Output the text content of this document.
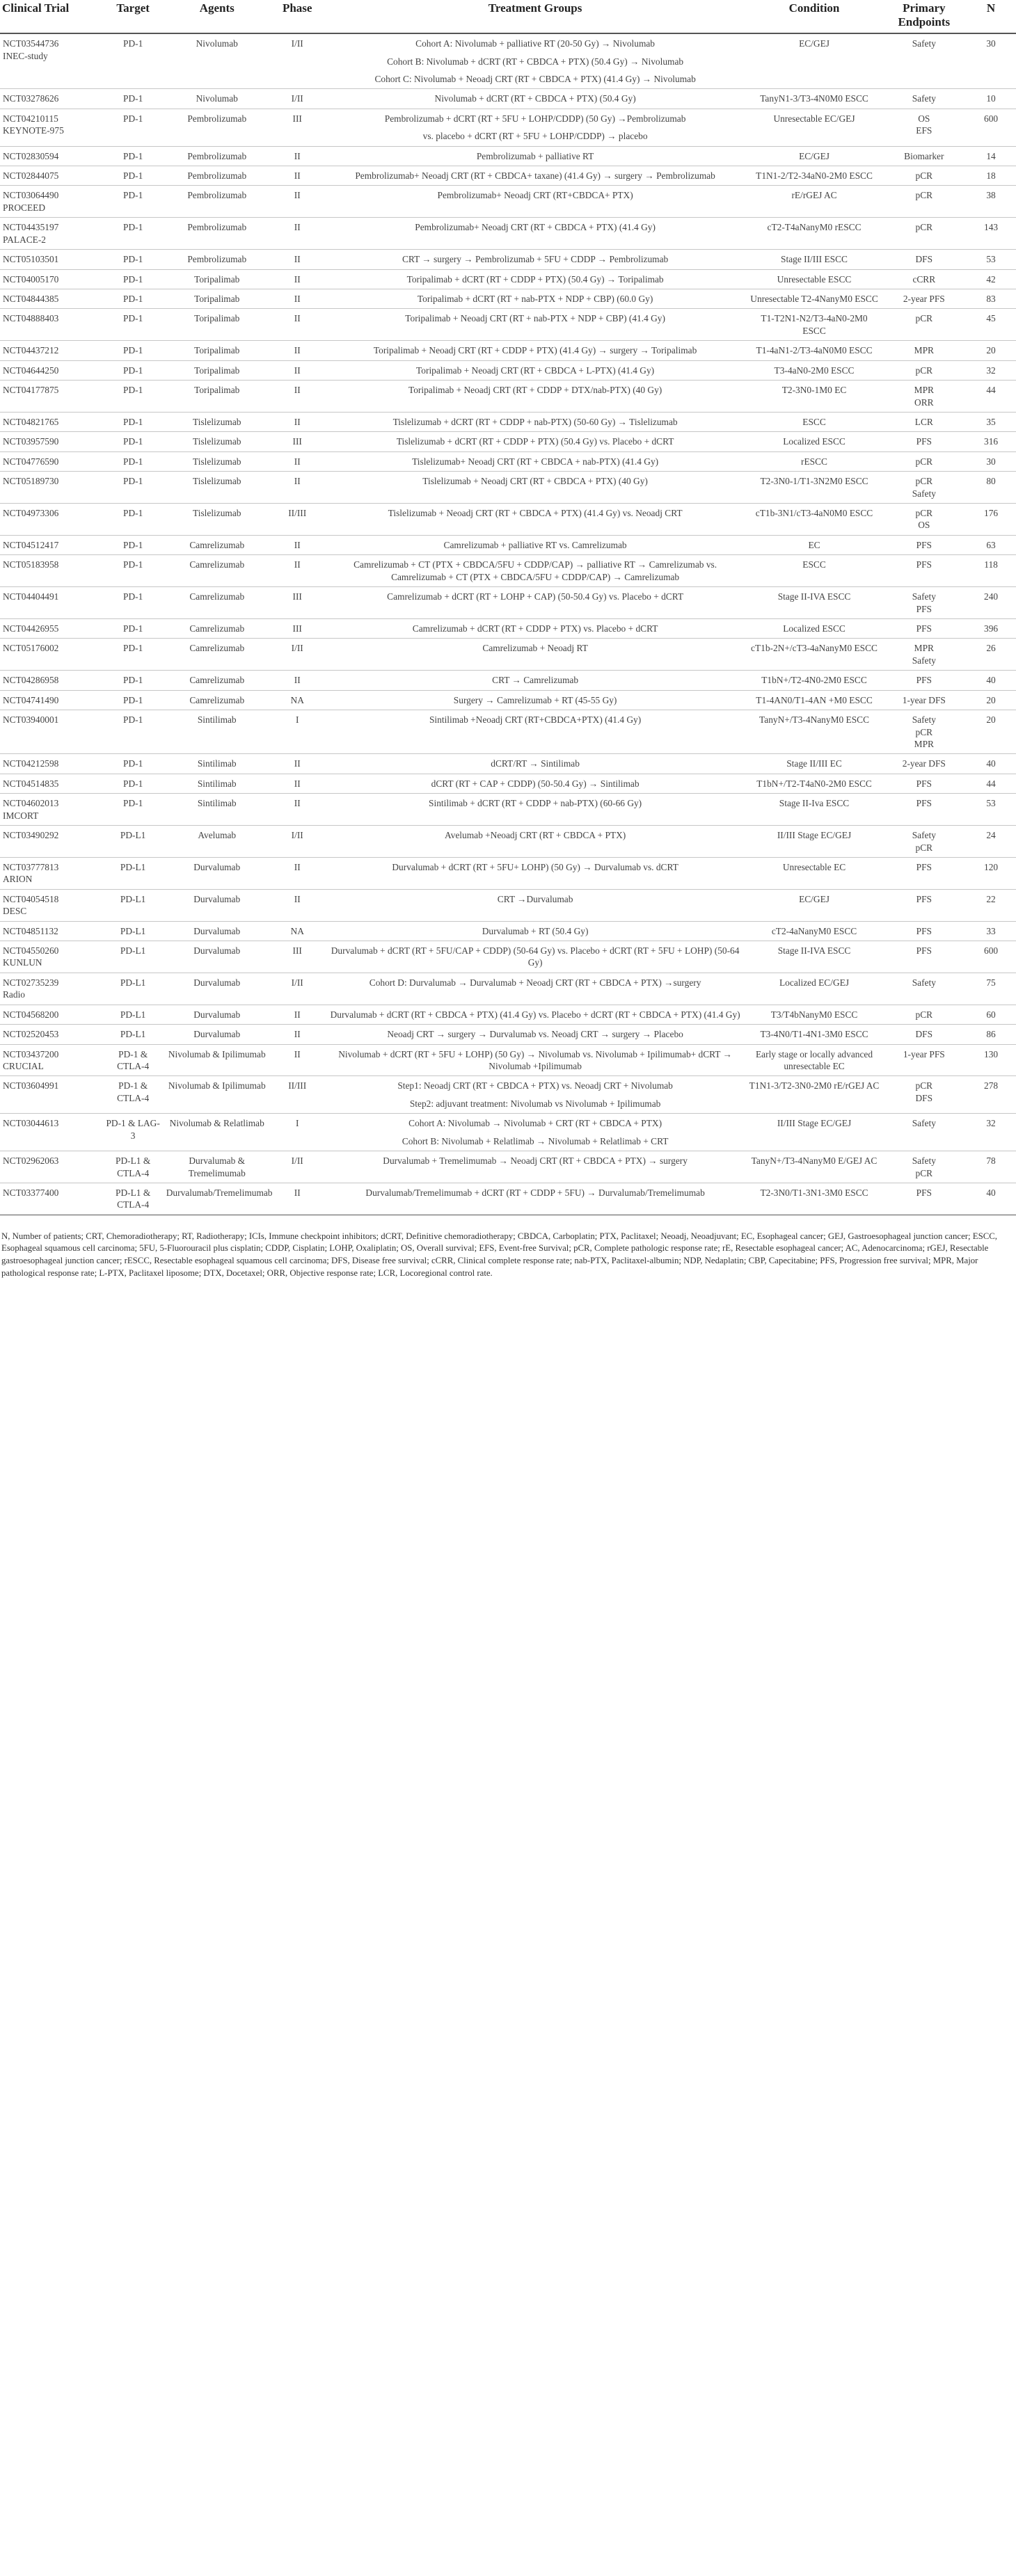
Clinical Trial	Target	Agents	Phase	Treatment Groups	Condition	Primary Endpoints	N

NCT03544736
INEC-study	PD-1	Nivolumab	I/II	Cohort A: Nivolumab + palliative RT (20-50 Gy) → Nivolumab
Cohort B: Nivolumab + dCRT (RT + CBDCA + PTX) (50.4 Gy) → Nivolumab
Cohort C: Nivolumab + Neoadj CRT (RT + CBDCA + PTX) (41.4 Gy) → Nivolumab	EC/GEJ	Safety	30

NCT03278626	PD-1	Nivolumab	I/II	Nivolumab + dCRT (RT + CBDCA + PTX) (50.4 Gy)	TanyN1-3/T3-4N0M0 ESCC	Safety	10

NCT04210115
KEYNOTE-975	PD-1	Pembrolizumab	III	Pembrolizumab + dCRT (RT + 5FU + LOHP/CDDP) (50 Gy) →Pembrolizumab
vs. placebo + dCRT (RT + 5FU + LOHP/CDDP) → placebo	Unresectable EC/GEJ	OS
EFS	600

NCT02830594	PD-1	Pembrolizumab	II	Pembrolizumab + palliative RT	EC/GEJ	Biomarker	14

NCT02844075	PD-1	Pembrolizumab	II	Pembrolizumab+ Neoadj CRT (RT + CBDCA+ taxane) (41.4 Gy) → surgery → Pembrolizumab	T1N1-2/T2-34aN0-2M0 ESCC	pCR	18

NCT03064490
PROCEED	PD-1	Pembrolizumab	II	Pembrolizumab+ Neoadj CRT (RT+CBDCA+ PTX)	rE/rGEJ AC	pCR	38

NCT04435197
PALACE-2	PD-1	Pembrolizumab	II	Pembrolizumab+ Neoadj CRT (RT + CBDCA + PTX) (41.4 Gy)	cT2-T4aNanyM0 rESCC	pCR	143

NCT05103501	PD-1	Pembrolizumab	II	CRT → surgery → Pembrolizumab + 5FU + CDDP → Pembrolizumab	Stage II/III ESCC	DFS	53

NCT04005170	PD-1	Toripalimab	II	Toripalimab + dCRT (RT + CDDP + PTX) (50.4 Gy) → Toripalimab	Unresectable ESCC	cCRR	42

NCT04844385	PD-1	Toripalimab	II	Toripalimab + dCRT (RT + nab-PTX + NDP + CBP) (60.0 Gy)	Unresectable T2-4NanyM0 ESCC	2-year PFS	83

NCT04888403	PD-1	Toripalimab	II	Toripalimab + Neoadj CRT (RT + nab-PTX + NDP + CBP) (41.4 Gy)	T1-T2N1-N2/T3-4aN0-2M0 ESCC	pCR	45

NCT04437212	PD-1	Toripalimab	II	Toripalimab + Neoadj CRT (RT + CDDP + PTX) (41.4 Gy) → surgery → Toripalimab	T1-4aN1-2/T3-4aN0M0 ESCC	MPR	20

NCT04644250	PD-1	Toripalimab	II	Toripalimab + Neoadj CRT (RT + CBDCA + L-PTX) (41.4 Gy)	T3-4aN0-2M0 ESCC	pCR	32

NCT04177875	PD-1	Toripalimab	II	Toripalimab + Neoadj CRT (RT + CDDP + DTX/nab-PTX) (40 Gy)	T2-3N0-1M0 EC	MPR
ORR	44

NCT04821765	PD-1	Tislelizumab	II	Tislelizumab + dCRT (RT + CDDP + nab-PTX) (50-60 Gy) → Tislelizumab	ESCC	LCR	35

NCT03957590	PD-1	Tislelizumab	III	Tislelizumab + dCRT (RT + CDDP + PTX) (50.4 Gy) vs. Placebo + dCRT	Localized ESCC	PFS	316

NCT04776590	PD-1	Tislelizumab	II	Tislelizumab+ Neoadj CRT (RT + CBDCA + nab-PTX) (41.4 Gy)	rESCC	pCR	30

NCT05189730	PD-1	Tislelizumab	II	Tislelizumab + Neoadj CRT (RT + CBDCA + PTX) (40 Gy)	T2-3N0-1/T1-3N2M0 ESCC	pCR
Safety	80

NCT04973306	PD-1	Tislelizumab	II/III	Tislelizumab + Neoadj CRT (RT + CBDCA + PTX) (41.4 Gy) vs. Neoadj CRT	cT1b-3N1/cT3-4aN0M0 ESCC	pCR
OS	176

NCT04512417	PD-1	Camrelizumab	II	Camrelizumab + palliative RT vs. Camrelizumab	EC	PFS	63

NCT05183958	PD-1	Camrelizumab	II	Camrelizumab + CT (PTX + CBDCA/5FU + CDDP/CAP) → palliative RT → Camrelizumab vs. Camrelizumab + CT (PTX + CBDCA/5FU + CDDP/CAP) → Camrelizumab	ESCC	PFS	118

NCT04404491	PD-1	Camrelizumab	III	Camrelizumab + dCRT (RT + LOHP + CAP) (50-50.4 Gy) vs. Placebo + dCRT	Stage II-IVA ESCC	Safety
PFS	240

NCT04426955	PD-1	Camrelizumab	III	Camrelizumab + dCRT (RT + CDDP + PTX) vs. Placebo + dCRT	Localized ESCC	PFS	396

NCT05176002	PD-1	Camrelizumab	I/II	Camrelizumab + Neoadj RT	cT1b-2N+/cT3-4aNanyM0 ESCC	MPR
Safety	26

NCT04286958	PD-1	Camrelizumab	II	CRT → Camrelizumab	T1bN+/T2-4N0-2M0 ESCC	PFS	40

NCT04741490	PD-1	Camrelizumab	NA	Surgery → Camrelizumab + RT (45-55 Gy)	T1-4AN0/T1-4AN +M0 ESCC	1-year DFS	20

NCT03940001	PD-1	Sintilimab	I	Sintilimab +Neoadj CRT (RT+CBDCA+PTX) (41.4 Gy)	TanyN+/T3-4NanyM0 ESCC	Safety
pCR
MPR	20

NCT04212598	PD-1	Sintilimab	II	dCRT/RT → Sintilimab	Stage II/III EC	2-year DFS	40

NCT04514835	PD-1	Sintilimab	II	dCRT (RT + CAP + CDDP) (50-50.4 Gy) → Sintilimab	T1bN+/T2-T4aN0-2M0 ESCC	PFS	44

NCT04602013
IMCORT	PD-1	Sintilimab	II	Sintilimab + dCRT (RT + CDDP + nab-PTX) (60-66 Gy)	Stage II-Iva ESCC	PFS	53

NCT03490292	PD-L1	Avelumab	I/II	Avelumab +Neoadj CRT (RT + CBDCA + PTX)	II/III Stage EC/GEJ	Safety
pCR	24

NCT03777813
ARION	PD-L1	Durvalumab	II	Durvalumab + dCRT (RT + 5FU+ LOHP) (50 Gy) → Durvalumab vs. dCRT	Unresectable EC	PFS	120

NCT04054518
DESC	PD-L1	Durvalumab	II	CRT →Durvalumab	EC/GEJ	PFS	22

NCT04851132	PD-L1	Durvalumab	NA	Durvalumab + RT (50.4 Gy)	cT2-4aNanyM0 ESCC	PFS	33

NCT04550260
KUNLUN	PD-L1	Durvalumab	III	Durvalumab + dCRT (RT + 5FU/CAP + CDDP) (50-64 Gy) vs. Placebo + dCRT (RT + 5FU + LOHP) (50-64 Gy)	Stage II-IVA ESCC	PFS	600

NCT02735239
Radio	PD-L1	Durvalumab	I/II	Cohort D: Durvalumab → Durvalumab + Neoadj CRT (RT + CBDCA + PTX) →surgery	Localized EC/GEJ	Safety	75

NCT04568200	PD-L1	Durvalumab	II	Durvalumab + dCRT (RT + CBDCA + PTX) (41.4 Gy) vs. Placebo + dCRT (RT + CBDCA + PTX) (41.4 Gy)	T3/T4bNanyM0 ESCC	pCR	60

NCT02520453	PD-L1	Durvalumab	II	Neoadj CRT → surgery → Durvalumab vs. Neoadj CRT → surgery → Placebo	T3-4N0/T1-4N1-3M0 ESCC	DFS	86

NCT03437200
CRUCIAL	PD-1 & CTLA-4	Nivolumab & Ipilimumab	II	Nivolumab + dCRT (RT + 5FU + LOHP) (50 Gy) → Nivolumab vs. Nivolumab + Ipilimumab+ dCRT → Nivolumab +Ipilimumab	Early stage or locally advanced unresectable EC	1-year PFS	130

NCT03604991	PD-1 & CTLA-4	Nivolumab & Ipilimumab	II/III	Step1: Neoadj CRT (RT + CBDCA + PTX) vs. Neoadj CRT + Nivolumab
Step2: adjuvant treatment: Nivolumab vs Nivolumab + Ipilimumab	T1N1-3/T2-3N0-2M0 rE/rGEJ AC	pCR
DFS	278

NCT03044613	PD-1 & LAG-3	Nivolumab & Relatlimab	I	Cohort A: Nivolumab → Nivolumab + CRT (RT + CBDCA + PTX)
Cohort B: Nivolumab + Relatlimab → Nivolumab + Relatlimab + CRT	II/III Stage EC/GEJ	Safety	32

NCT02962063	PD-L1 & CTLA-4	Durvalumab & Tremelimumab	I/II	Durvalumab + Tremelimumab → Neoadj CRT (RT + CBDCA + PTX) → surgery	TanyN+/T3-4NanyM0 E/GEJ AC	Safety
pCR	78

NCT03377400	PD-L1 & CTLA-4	Durvalumab/Tremelimumab	II	Durvalumab/Tremelimumab + dCRT (RT + CDDP + 5FU) → Durvalumab/Tremelimumab	T2-3N0/T1-3N1-3M0 ESCC	PFS	40
N, Number of patients; CRT, Chemoradiotherapy; RT, Radiotherapy; ICIs, Immune checkpoint inhibitors; dCRT, Definitive chemoradiotherapy; CBDCA, Carboplatin; PTX, Paclitaxel; Neoadj, Neoadjuvant; EC, Esophageal cancer; GEJ, Gastroesophageal junction cancer; ESCC, Esophageal squamous cell carcinoma; 5FU, 5-Fluorouracil plus cisplatin; CDDP, Cisplatin; LOHP, Oxaliplatin; OS, Overall survival; EFS, Event-free Survival; pCR, Complete pathologic response rate; rE, Resectable esophageal cancer; AC, Adenocarcinoma; rGEJ, Resectable gastroesophageal junction cancer; rESCC, Resectable esophageal squamous cell carcinoma; DFS, Disease free survival; cCRR, Clinical complete response rate; nab-PTX, Paclitaxel-albumin; NDP, Nedaplatin; CBP, Capecitabine; PFS, Progression free survival; MPR, Major pathological response rate; L-PTX, Paclitaxel liposome; DTX, Docetaxel; ORR, Objective response rate; LCR, Locoregional control rate.
